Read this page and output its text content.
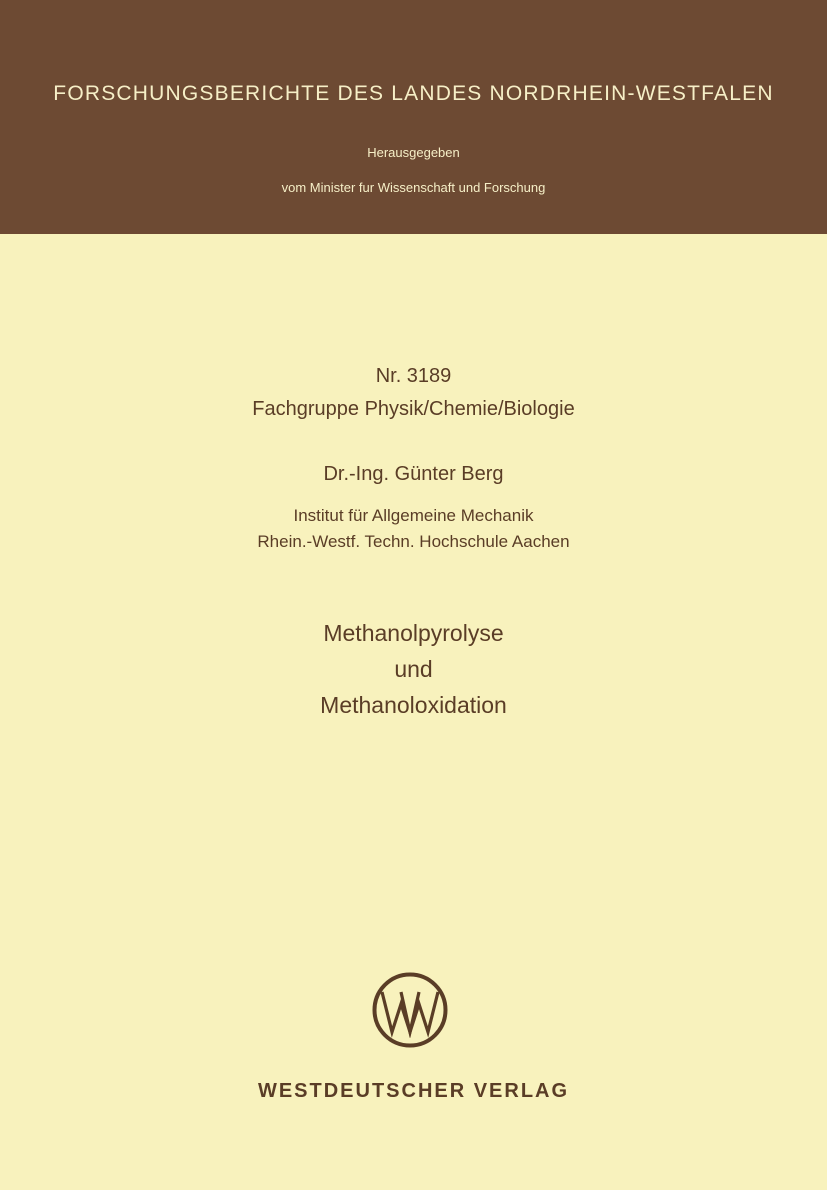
FORSCHUNGSBERICHTE DES LANDES NORDRHEIN-WESTFALEN
Herausgegeben
vom Minister fur Wissenschaft und Forschung
Nr. 3189
Fachgruppe Physik/Chemie/Biologie
Dr.-Ing. Günter Berg
Institut für Allgemeine Mechanik
Rhein.-Westf. Techn. Hochschule Aachen
Methanolpyrolyse
und
Methanoloxidation
WESTDEUTSCHER VERLAG
